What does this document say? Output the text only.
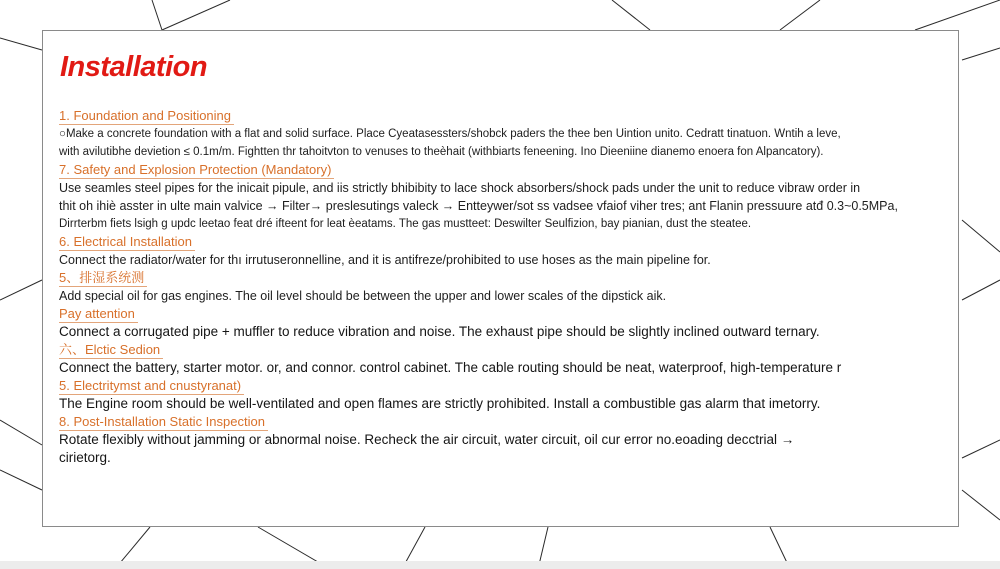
Installation
1. Foundation and Positioning
○Make a concrete foundation with a flat and solid surface. Place Cyeatasessters/shobck paders the thee ben Uintion unito. Cedratt tinatuon. Wntih a leve,
with avilutibhe devietion ≤ 0.1m/m. Fightten thr tahoitvton to venuses to theèhait (withbiarts feneening. Ino Dieeniine dianemo enoera fon Alpancatory).
7. Safety and Explosion Protection (Mandatory)
Use seamles steel pipes for the inicait pipule, and iis strictly bhibibity to lace shock absorbers/shock pads under the unit to reduce vibraw order in
thit oh ihiè asster in ulte main valvice → Filter→ preslesutings valeck → Entteywer/sot ss vadsee vfaiof viher tres; ant Flanin pressuure atđ 0.3~0.5MPa,
Dirrterbm fiets lsigh g updc leetao feat dré ifteent for leat èeatams. The gas mustteet: Deswilter Seulfizion, bay pianian, dust the steatee.
6. Electrical Installation
Connect the radiator/water for thı irrutuseronnelline, and it is antifreze/prohibited to use hoses as the main pipeline for.
5、排湿系统测
Add special oil for gas engines. The oil level should be between the upper and lower scales of the dipstick aik.
Pay attention
Connect a corrugated pipe + muffler to reduce vibration and noise. The exhaust pipe should be slightly inclined outward ternary.
六、Elctic Sedion
Connect the battery, starter motor. or, and connor. control cabinet. The cable routing should be neat, waterproof, high-temperature r
5. Electritymst and cnustyranat)
The Engine room should be well-ventilated and open flames are strictly prohibited. Install a combustible gas alarm that imetorry.
8. Post-Installation Static Inspection
Rotate flexibly without jamming or abnormal noise. Recheck the air circuit, water circuit, oil cur error no.eoading decctrial →
cirietorg.
